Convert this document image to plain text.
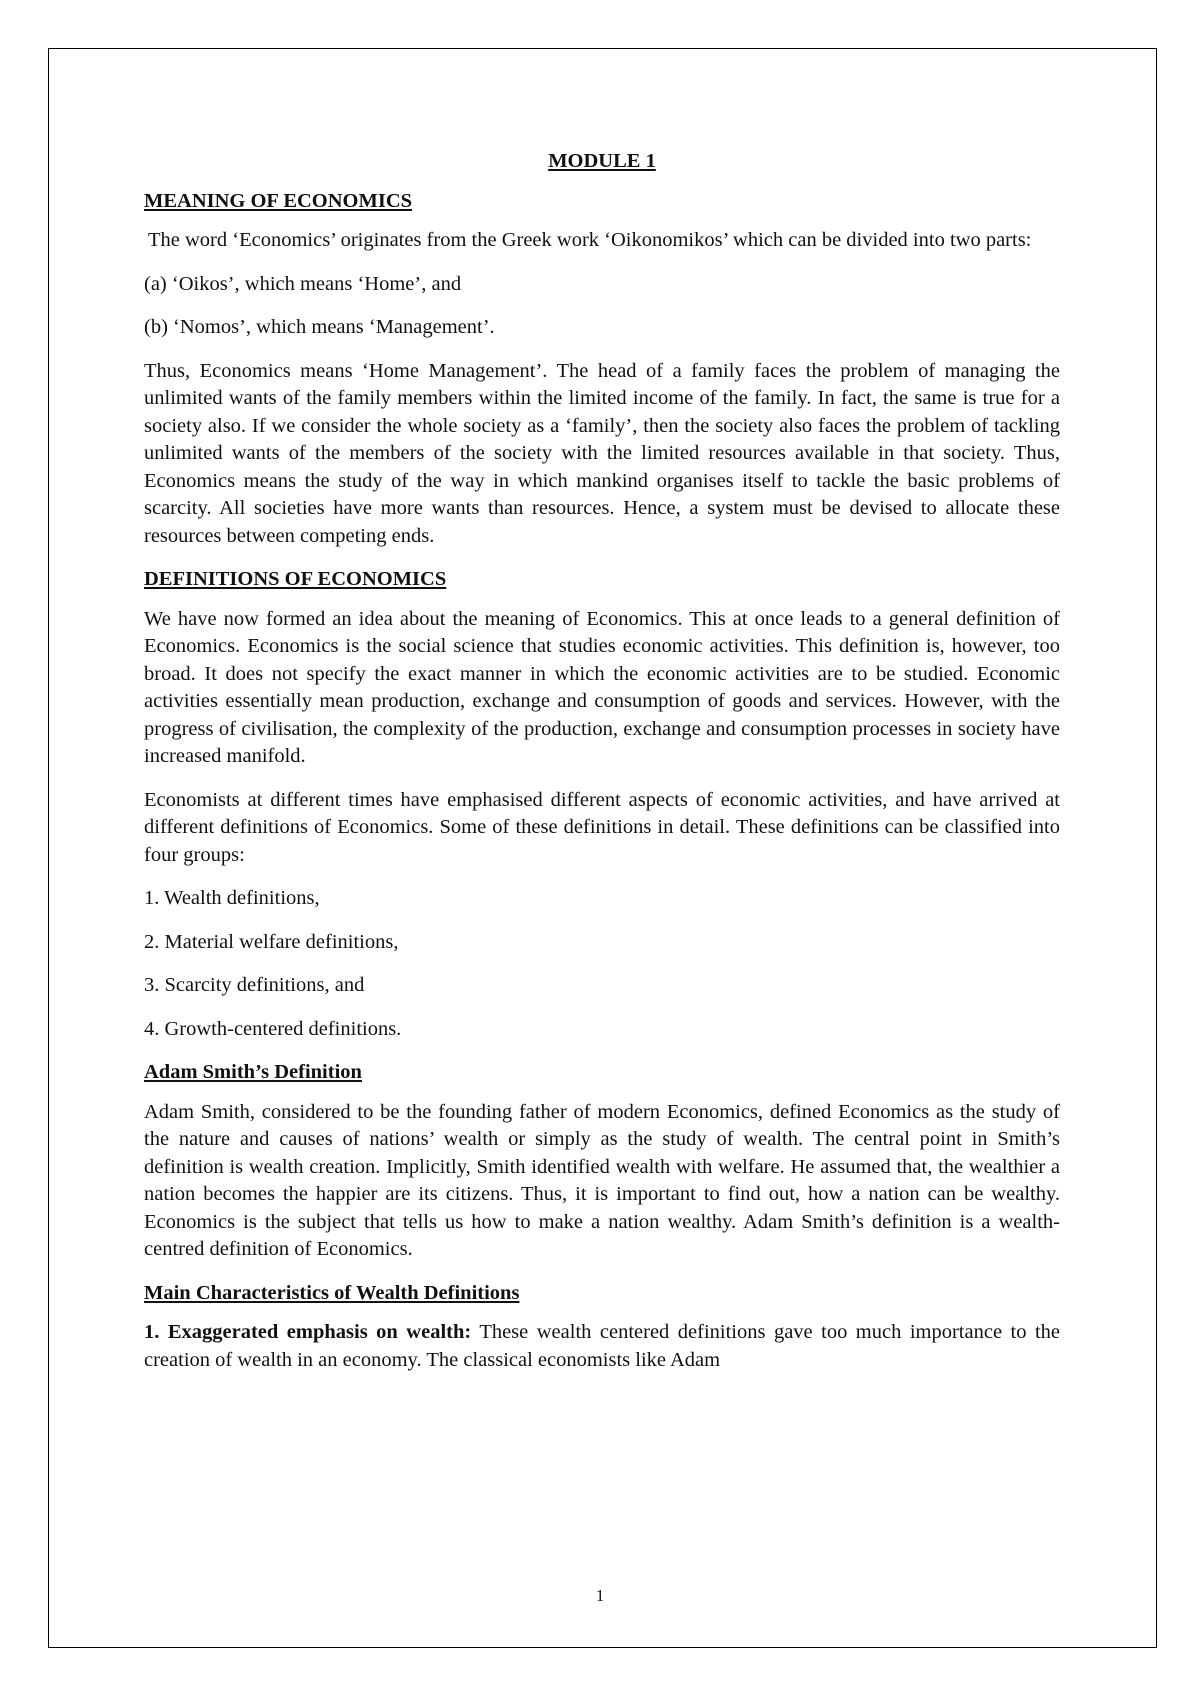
MODULE 1
MEANING OF ECONOMICS

The word ‘Economics’ originates from the Greek work ‘Oikonomikos’ which can be divided into two parts:

(a) ‘Oikos’, which means ‘Home’, and

(b) ‘Nomos’, which means ‘Management’.

Thus, Economics means ‘Home Management’. The head of a family faces the problem of managing the unlimited wants of the family members within the limited income of the family. In fact, the same is true for a society also. If we consider the whole society as a ‘family’, then the society also faces the problem of tackling unlimited wants of the members of the society with the limited resources available in that society. Thus, Economics means the study of the way in which mankind organises itself to tackle the basic problems of scarcity. All societies have more wants than resources. Hence, a system must be devised to allocate these resources between competing ends.

DEFINITIONS OF ECONOMICS

We have now formed an idea about the meaning of Economics. This at once leads to a general definition of Economics. Economics is the social science that studies economic activities. This definition is, however, too broad. It does not specify the exact manner in which the economic activities are to be studied. Economic activities essentially mean production, exchange and consumption of goods and services. However, with the progress of civilisation, the complexity of the production, exchange and consumption processes in society have increased manifold.

Economists at different times have emphasised different aspects of economic activities, and have arrived at different definitions of Economics. Some of these definitions in detail. These definitions can be classified into four groups:

1. Wealth definitions,

2. Material welfare definitions,

3. Scarcity definitions, and

4. Growth-centered definitions.

Adam Smith’s Definition

Adam Smith, considered to be the founding father of modern Economics, defined Economics as the study of the nature and causes of nations’ wealth or simply as the study of wealth. The central point in Smith’s definition is wealth creation. Implicitly, Smith identified wealth with welfare. He assumed that, the wealthier a nation becomes the happier are its citizens. Thus, it is important to find out, how a nation can be wealthy. Economics is the subject that tells us how to make a nation wealthy. Adam Smith’s definition is a wealth-centred definition of Economics.

Main Characteristics of Wealth Definitions

1. Exaggerated emphasis on wealth: These wealth centered definitions gave too much importance to the creation of wealth in an economy. The classical economists like Adam

1
